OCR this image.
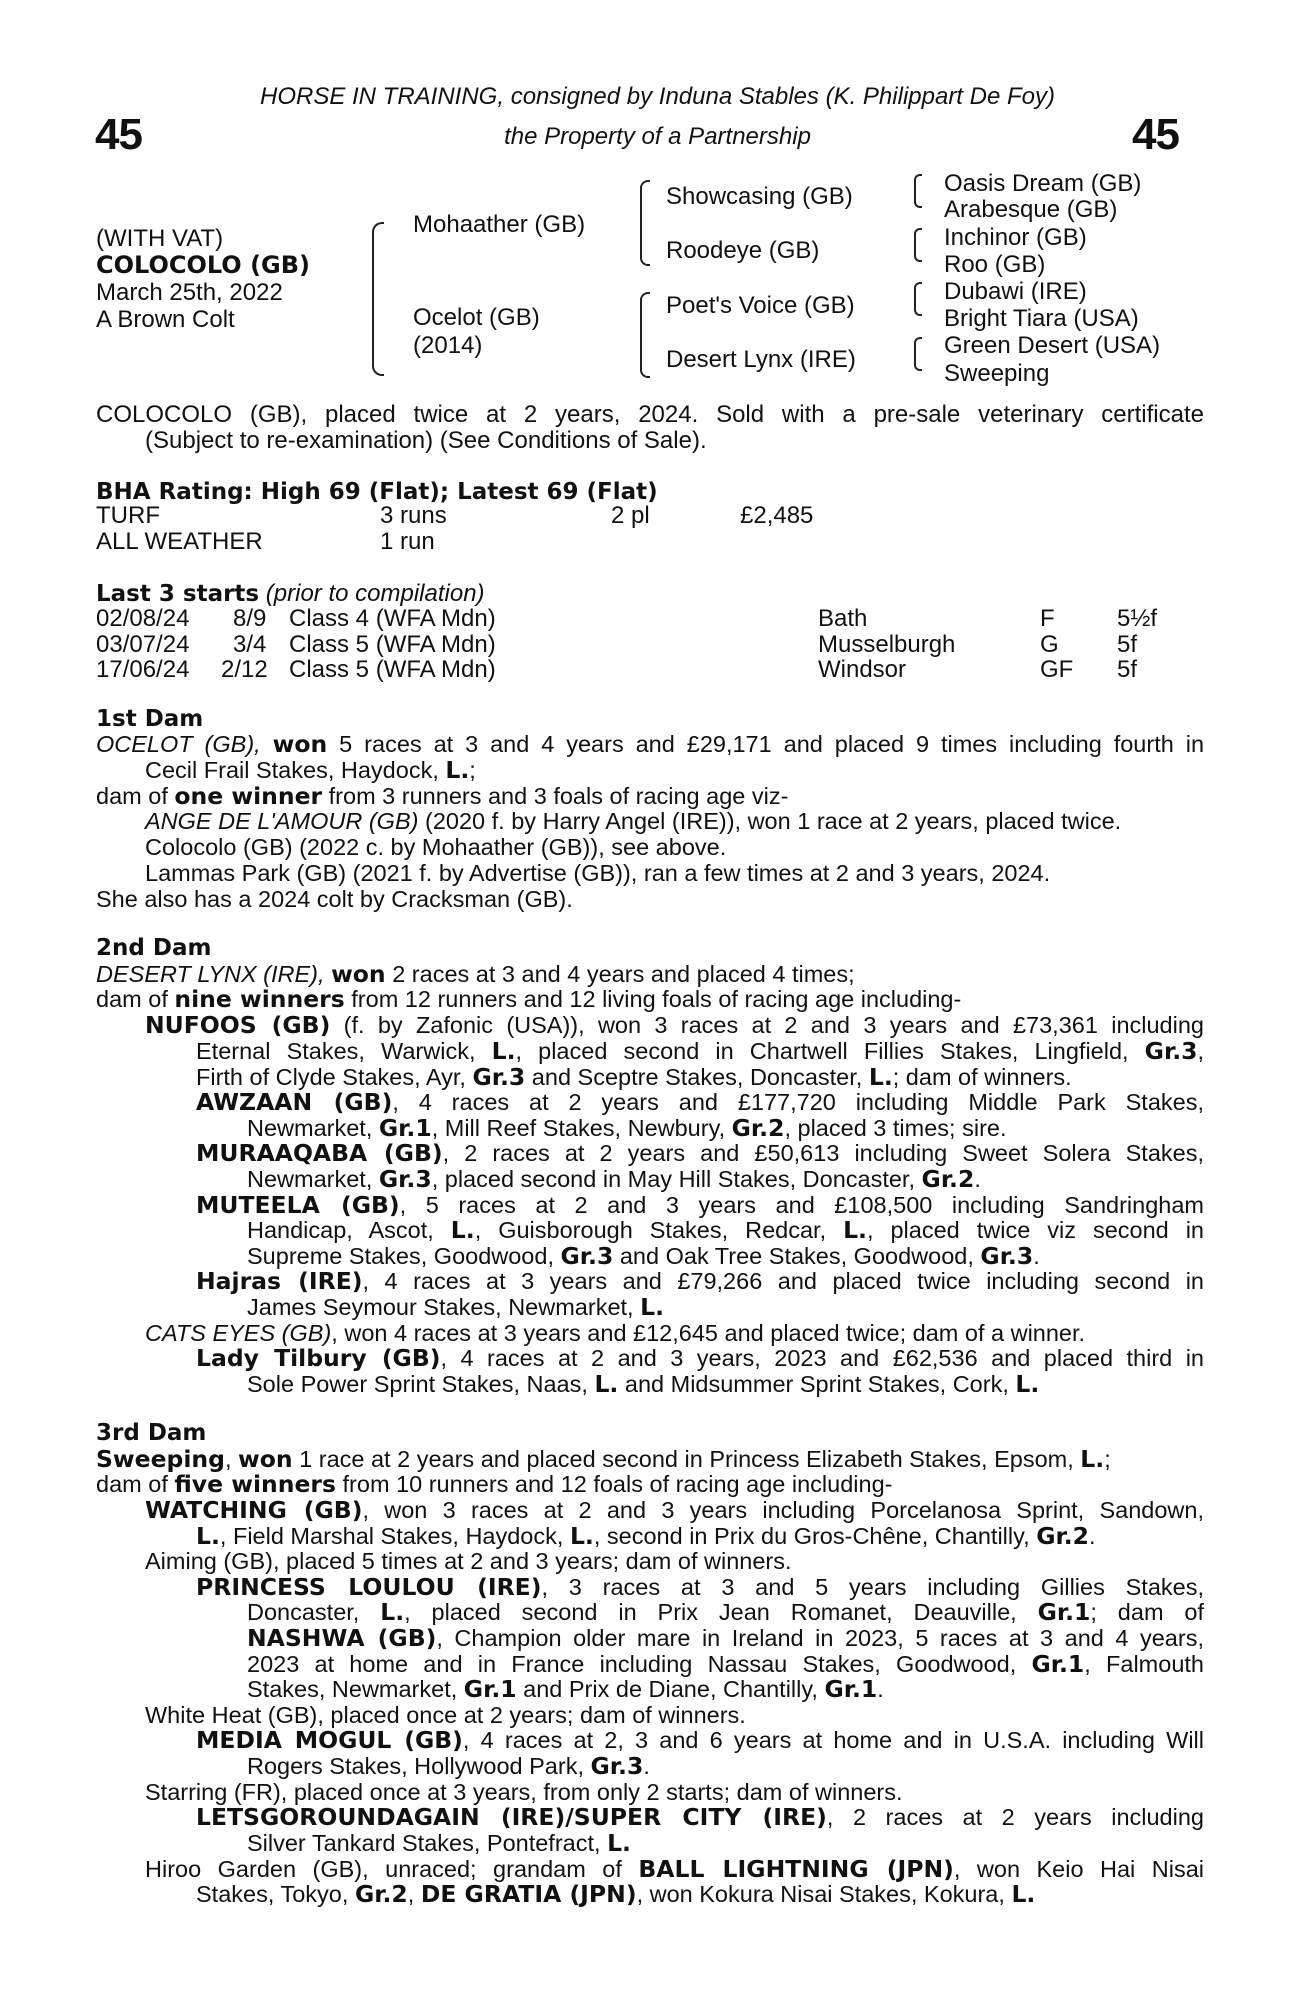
45	45
HORSE IN TRAINING, consigned by Induna Stables (K. Philippart De Foy)
the Property of a Partnership
(WITH VAT)
COLOCOLO (GB)
March 25th, 2022
A Brown Colt
Mohaather (GB)
Ocelot (GB)
(2014)
Showcasing (GB)
Roodeye (GB)
Poet's Voice (GB)
Desert Lynx (IRE)
Oasis Dream (GB)
Arabesque (GB)
Inchinor (GB)
Roo (GB)
Dubawi (IRE)
Bright Tiara (USA)
Green Desert (USA)
Sweeping
COLOCOLO (GB), placed twice at 2 years, 2024. Sold with a pre-sale veterinary certificate
(Subject to re-examination) (See Conditions of Sale).
BHA Rating: High 69 (Flat); Latest 69 (Flat)
TURF	3 runs	2 pl	£2,485
ALL WEATHER	1 run
Last 3 starts (prior to compilation)
02/08/24 8/9 Class 4 (WFA Mdn)	Bath	F	5½f
03/07/24 3/4 Class 5 (WFA Mdn)	Musselburgh	G 5f
17/06/24 2/12 Class 5 (WFA Mdn)	Windsor	GF 5f
1st Dam
OCELOT (GB), won 5 races at 3 and 4 years and £29,171 and placed 9 times including fourth in
Cecil Frail Stakes, Haydock, L.;
dam of one winner from 3 runners and 3 foals of racing age viz-
ANGE DE L'AMOUR (GB) (2020 f. by Harry Angel (IRE)), won 1 race at 2 years, placed twice.
Colocolo (GB) (2022 c. by Mohaather (GB)), see above.
Lammas Park (GB) (2021 f. by Advertise (GB)), ran a few times at 2 and 3 years, 2024.
She also has a 2024 colt by Cracksman (GB).
2nd Dam
DESERT LYNX (IRE), won 2 races at 3 and 4 years and placed 4 times;
dam of nine winners from 12 runners and 12 living foals of racing age including-
NUFOOS (GB) (f. by Zafonic (USA)), won 3 races at 2 and 3 years and £73,361 including
Eternal Stakes, Warwick, L., placed second in Chartwell Fillies Stakes, Lingfield, Gr.3,
Firth of Clyde Stakes, Ayr, Gr.3 and Sceptre Stakes, Doncaster, L.; dam of winners.
AWZAAN (GB), 4 races at 2 years and £177,720 including Middle Park Stakes,
Newmarket, Gr.1, Mill Reef Stakes, Newbury, Gr.2, placed 3 times; sire.
MURAAQABA (GB), 2 races at 2 years and £50,613 including Sweet Solera Stakes,
Newmarket, Gr.3, placed second in May Hill Stakes, Doncaster, Gr.2.
MUTEELA (GB), 5 races at 2 and 3 years and £108,500 including Sandringham
Handicap, Ascot, L., Guisborough Stakes, Redcar, L., placed twice viz second in
Supreme Stakes, Goodwood, Gr.3 and Oak Tree Stakes, Goodwood, Gr.3.
Hajras (IRE), 4 races at 3 years and £79,266 and placed twice including second in
James Seymour Stakes, Newmarket, L.
CATS EYES (GB), won 4 races at 3 years and £12,645 and placed twice; dam of a winner.
Lady Tilbury (GB), 4 races at 2 and 3 years, 2023 and £62,536 and placed third in
Sole Power Sprint Stakes, Naas, L. and Midsummer Sprint Stakes, Cork, L.
3rd Dam
Sweeping, won 1 race at 2 years and placed second in Princess Elizabeth Stakes, Epsom, L.;
dam of five winners from 10 runners and 12 foals of racing age including-
WATCHING (GB), won 3 races at 2 and 3 years including Porcelanosa Sprint, Sandown,
L., Field Marshal Stakes, Haydock, L., second in Prix du Gros-Chêne, Chantilly, Gr.2.
Aiming (GB), placed 5 times at 2 and 3 years; dam of winners.
PRINCESS LOULOU (IRE), 3 races at 3 and 5 years including Gillies Stakes,
Doncaster, L., placed second in Prix Jean Romanet, Deauville, Gr.1; dam of
NASHWA (GB), Champion older mare in Ireland in 2023, 5 races at 3 and 4 years,
2023 at home and in France including Nassau Stakes, Goodwood, Gr.1, Falmouth
Stakes, Newmarket, Gr.1 and Prix de Diane, Chantilly, Gr.1.
White Heat (GB), placed once at 2 years; dam of winners.
MEDIA MOGUL (GB), 4 races at 2, 3 and 6 years at home and in U.S.A. including Will
Rogers Stakes, Hollywood Park, Gr.3.
Starring (FR), placed once at 3 years, from only 2 starts; dam of winners.
LETSGOROUNDAGAIN (IRE)/SUPER CITY (IRE), 2 races at 2 years including
Silver Tankard Stakes, Pontefract, L.
Hiroo Garden (GB), unraced; grandam of BALL LIGHTNING (JPN), won Keio Hai Nisai
Stakes, Tokyo, Gr.2, DE GRATIA (JPN), won Kokura Nisai Stakes, Kokura, L.
